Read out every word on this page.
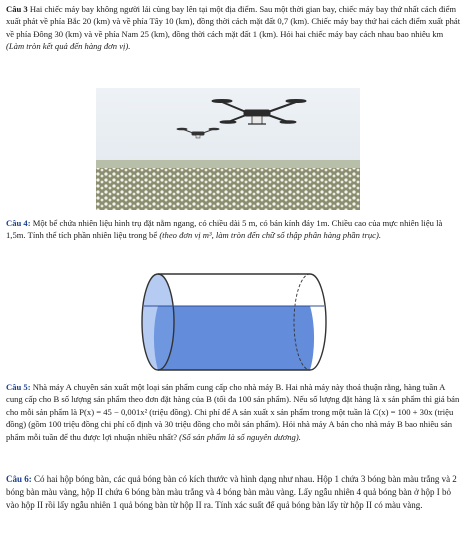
Câu 3 Hai chiếc máy bay không người lái cùng bay lên tại một địa điểm. Sau một thời gian bay, chiếc máy bay thứ nhất cách điểm xuất phát về phía Bắc 20 (km) và về phía Tây 10 (km), đồng thời cách mặt đất 0,7 (km). Chiếc máy bay thứ hai cách điểm xuất phát về phía Đông 30 (km) và về phía Nam 25 (km), đồng thời cách mặt đất 1 (km). Hỏi hai chiếc máy bay cách nhau bao nhiêu km (Làm tròn kết quả đến hàng đơn vị).

Câu 4: Một bể chứa nhiên liệu hình trụ đặt nằm ngang, có chiều dài 5 m, có bán kính đáy 1m. Chiều cao của mực nhiên liệu là 1,5m. Tính thể tích phần nhiên liệu trong bể (theo đơn vị m³, làm tròn đến chữ số thập phân hàng phần trục).

Câu 5: Nhà máy A chuyên sản xuất một loại sản phẩm cung cấp cho nhà máy B. Hai nhà máy này thoả thuận rằng, hàng tuần A cung cấp cho B số lượng sản phẩm theo đơn đặt hàng của B (tối đa 100 sản phẩm). Nếu số lượng đặt hàng là x sản phẩm thì giá bán cho mỗi sản phẩm là P(x) = 45 − 0,001x² (triệu đồng). Chi phí để A sản xuất x sản phẩm trong một tuần là C(x) = 100 + 30x (triệu đồng) (gồm 100 triệu đồng chi phí cố định và 30 triệu đồng cho mỗi sản phẩm). Hỏi nhà máy A bán cho nhà máy B bao nhiêu sản phẩm mỗi tuần để thu được lợi nhuận nhiều nhất? (Số sản phẩm là số nguyên dương).

Câu 6: Có hai hộp bóng bàn, các quả bóng bàn có kích thước và hình dạng như nhau. Hộp 1 chứa 3 bóng bàn màu trắng và 2 bóng bàn màu vàng, hộp II chứa 6 bóng bàn màu trắng và 4 bóng bàn màu vàng. Lấy ngẫu nhiên 4 quả bóng bàn ở hộp I bỏ vào hộp II rồi lấy ngẫu nhiên 1 quả bóng bàn từ hộp II ra. Tính xác suất để quả bóng bàn lấy từ hộp II có màu vàng.
